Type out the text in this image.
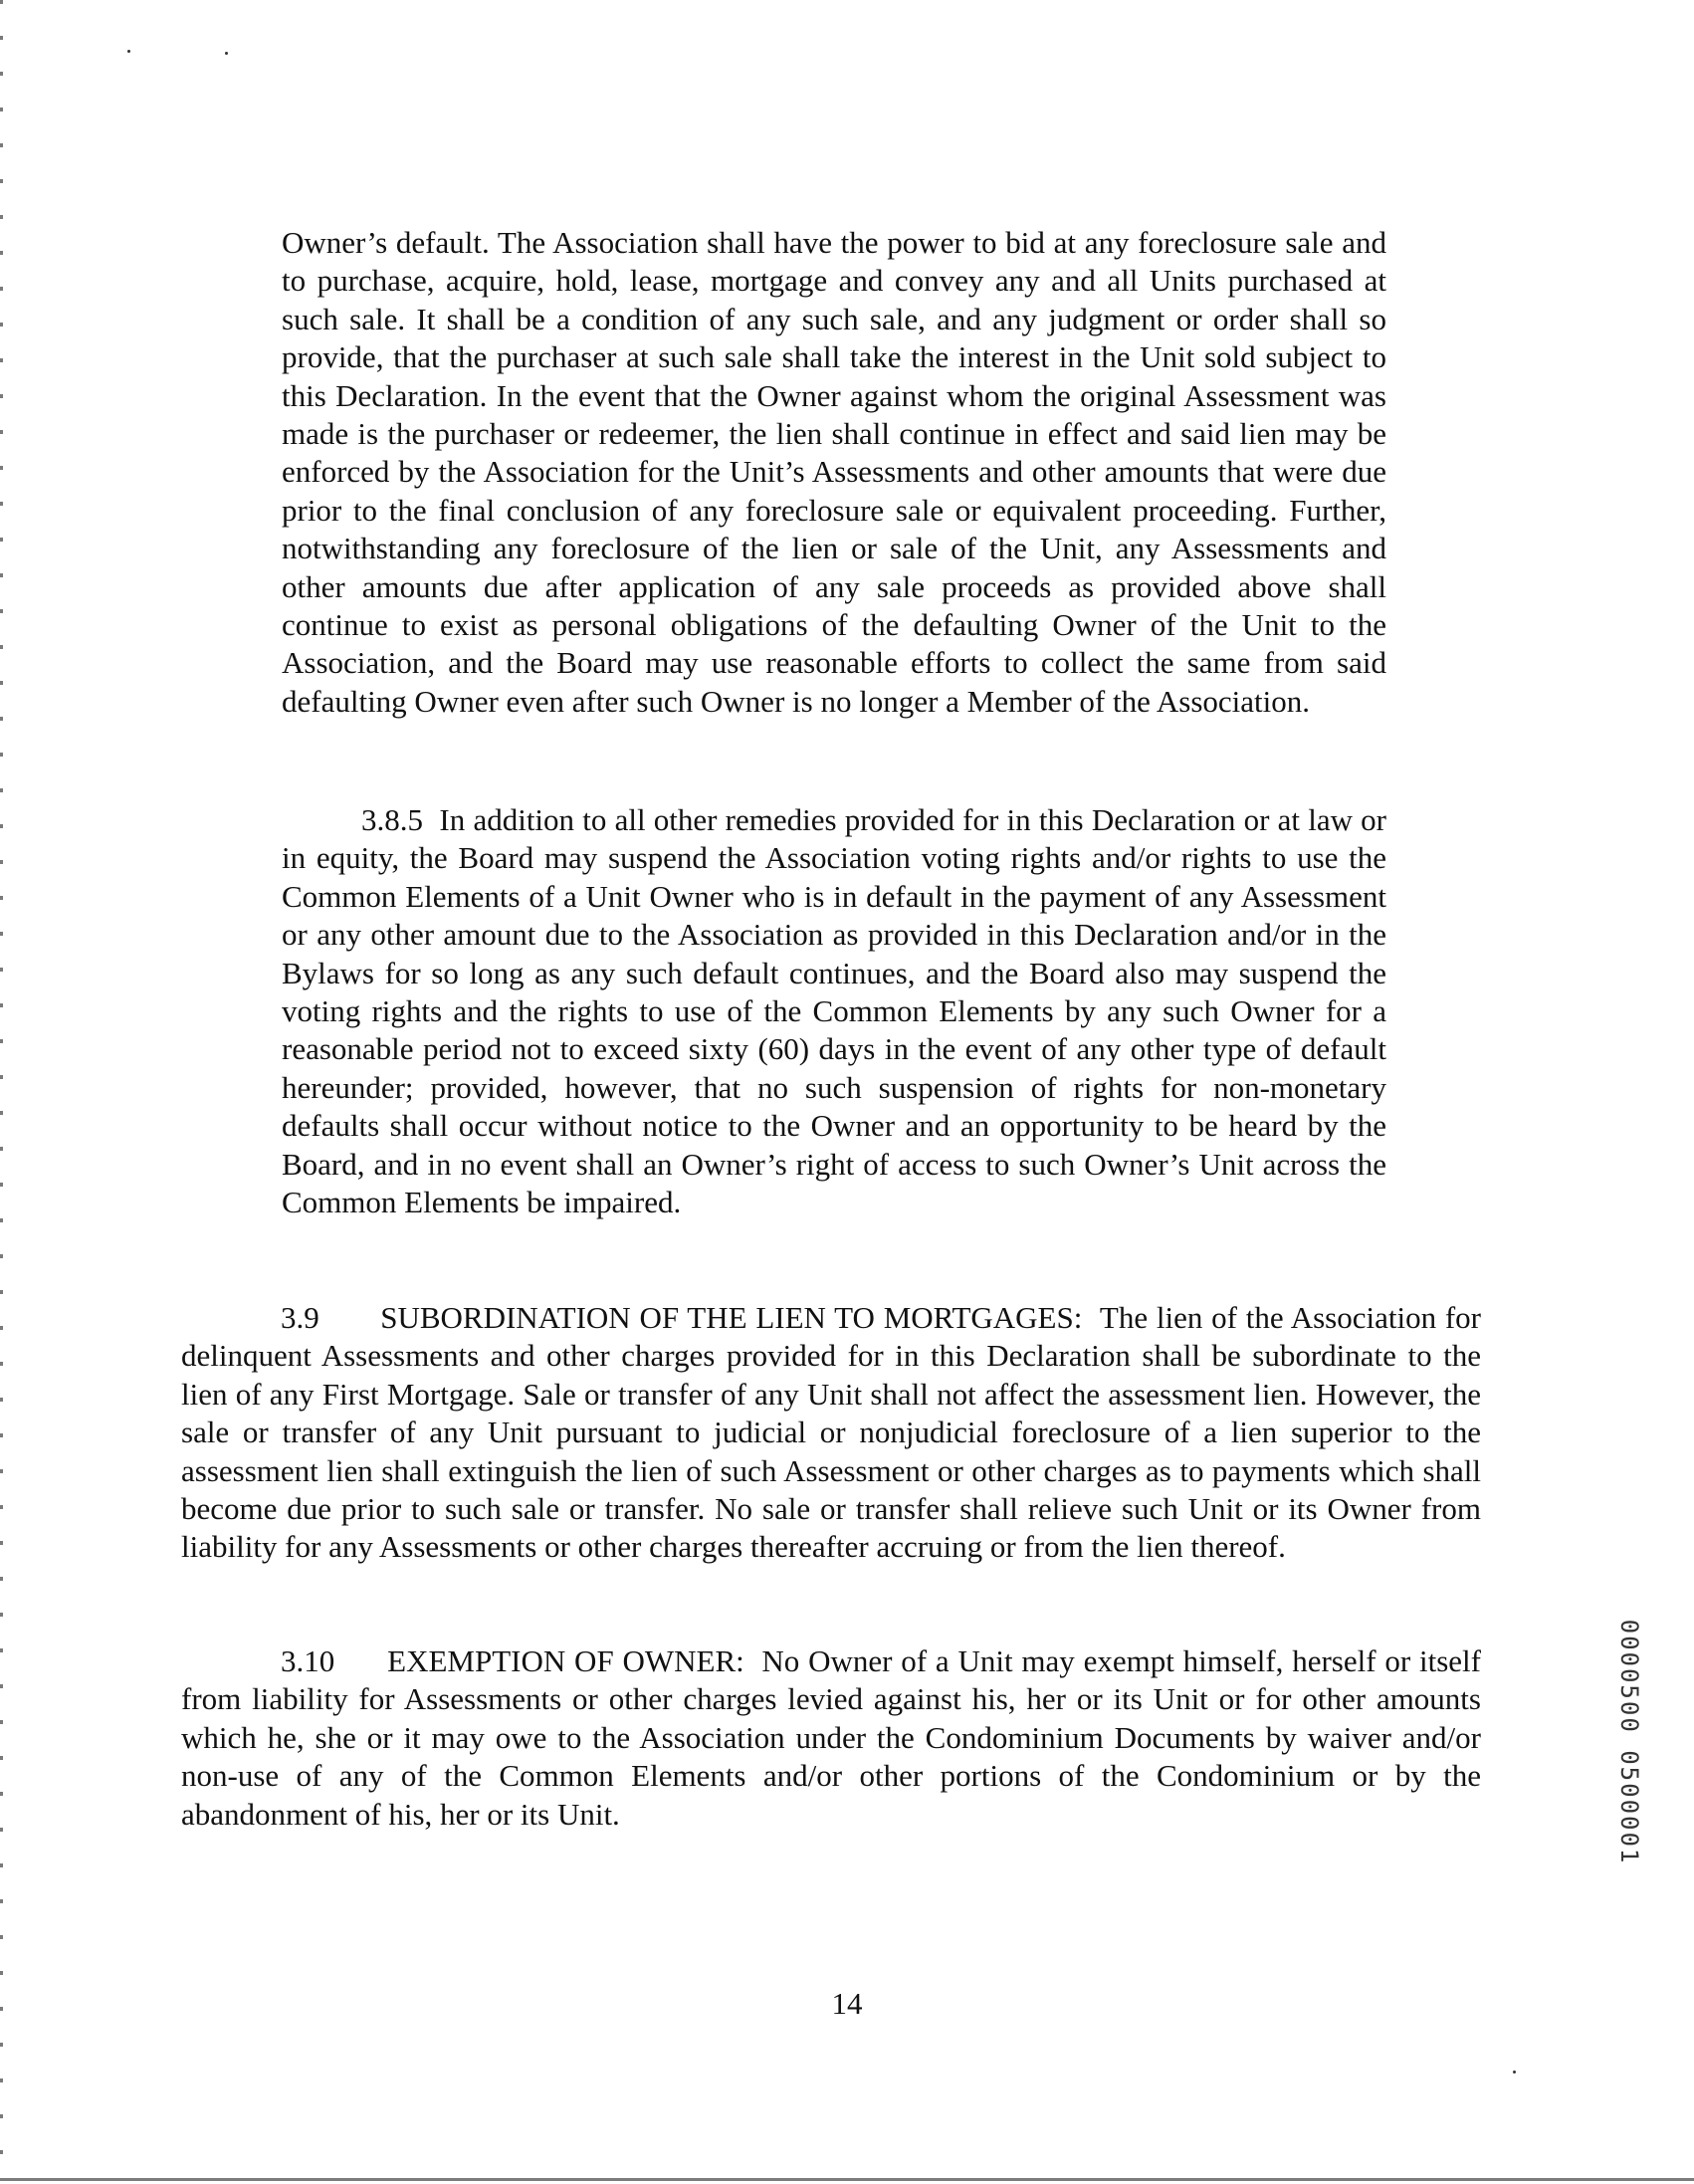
Owner’s default. The Association shall have the power to bid at any foreclosure sale and to purchase, acquire, hold, lease, mortgage and convey any and all Units purchased at such sale. It shall be a condition of any such sale, and any judgment or order shall so provide, that the purchaser at such sale shall take the interest in the Unit sold subject to this Declaration. In the event that the Owner against whom the original Assessment was made is the purchaser or redeemer, the lien shall continue in effect and said lien may be enforced by the Association for the Unit’s Assessments and other amounts that were due prior to the final conclusion of any foreclosure sale or equivalent proceeding. Further, notwithstanding any foreclosure of the lien or sale of the Unit, any Assessments and other amounts due after application of any sale proceeds as provided above shall continue to exist as personal obligations of the defaulting Owner of the Unit to the Association, and the Board may use reasonable efforts to collect the same from said defaulting Owner even after such Owner is no longer a Member of the Association.

3.8.5 In addition to all other remedies provided for in this Declaration or at law or in equity, the Board may suspend the Association voting rights and/or rights to use the Common Elements of a Unit Owner who is in default in the payment of any Assessment or any other amount due to the Association as provided in this Declaration and/or in the Bylaws for so long as any such default continues, and the Board also may suspend the voting rights and the rights to use of the Common Elements by any such Owner for a reasonable period not to exceed sixty (60) days in the event of any other type of default hereunder; provided, however, that no such suspension of rights for non-monetary defaults shall occur without notice to the Owner and an opportunity to be heard by the Board, and in no event shall an Owner’s right of access to such Owner’s Unit across the Common Elements be impaired.

3.9 SUBORDINATION OF THE LIEN TO MORTGAGES: The lien of the Association for delinquent Assessments and other charges provided for in this Declaration shall be subordinate to the lien of any First Mortgage. Sale or transfer of any Unit shall not affect the assessment lien. However, the sale or transfer of any Unit pursuant to judicial or nonjudicial foreclosure of a lien superior to the assessment lien shall extinguish the lien of such Assessment or other charges as to payments which shall become due prior to such sale or transfer. No sale or transfer shall relieve such Unit or its Owner from liability for any Assessments or other charges thereafter accruing or from the lien thereof.

3.10 EXEMPTION OF OWNER: No Owner of a Unit may exempt himself, herself or itself from liability for Assessments or other charges levied against his, her or its Unit or for other amounts which he, she or it may owe to the Association under the Condominium Documents by waiver and/or non-use of any of the Common Elements and/or other portions of the Condominium or by the abandonment of his, her or its Unit.	0000500 0500001
14
